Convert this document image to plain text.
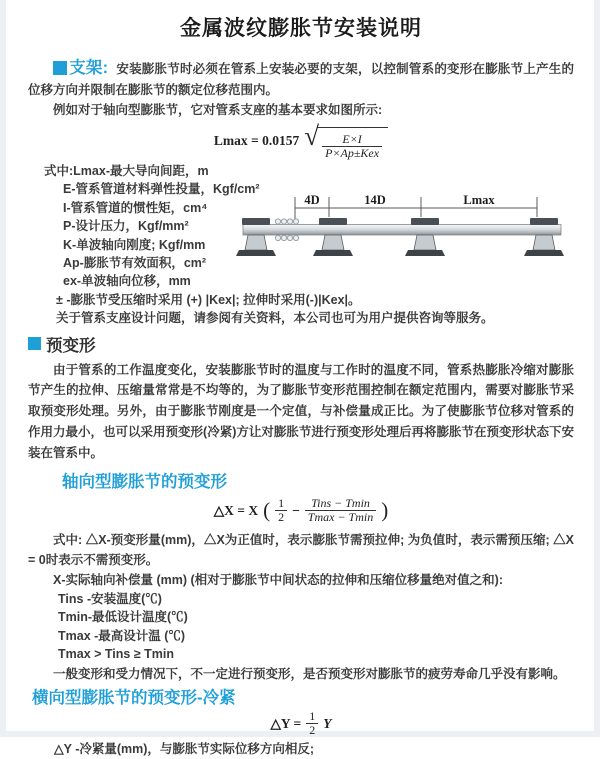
金属波纹膨胀节安装说明

支架: 安装膨胀节时必须在管系上安装必要的支架，以控制管系的变形在膨胀节上产生的位移方向并限制在膨胀节的额定位移范围内。

例如对于轴向型膨胀节，它对管系支座的基本要求如图所示:

Lmax = 0.0157 √ $\frac{E\times I}{\text{P×Ap±Kex}}$
式中:Lmax-最大导向间距，m
E-管系管道材料弹性投量，Kgf/cm²
I-管系管道的惯性矩，cm⁴
P-设计压力，Kgf/mm²
K-单波轴向刚度; Kgf/mm
Ap-膨胀节有效面积，cm²
ex-单波轴向位移，mm
± -膨胀节受压缩时采用 (+) |Kex|; 拉伸时采用(-)|Kex|。
关于管系支座设计问题，请参阅有关资料，本公司也可为用户提供咨询等服务。
4D	14D	Lmax
预变形

由于管系的工作温度变化，安装膨胀节时的温度与工作时的温度不同，管系热膨胀冷缩对膨胀节产生的拉伸、压缩量常常是不均等的，为了膨胀节变形范围控制在额定范围内，需要对膨胀节采取预变形处理。另外，由于膨胀节刚度是一个定值，与补偿量成正比。为了使膨胀节位移对管系的作用力最小，也可以采用预变形(冷紧)方让对膨胀节进行预变形处理后再将膨胀节在预变形状态下安装在管系中。

轴向型膨胀节的预变形
△X = X ( $\frac{1}{2} - \frac{\text{Tins − Tmin}}{Tmax - Tmin}$ )

式中: △X-预变形量(mm)，△X为正值时，表示膨胀节需预拉伸; 为负值时，表示需预压缩; △X = 0时表示不需预变形。

X-实际轴向补偿量 (mm) (相对于膨胀节中间状态的拉伸和压缩位移量绝对值之和):

Tins -安装温度(℃)
Tmin-最低设计温度(℃)
Tmax -最高设计温 (℃)
Tmax > Tins ≥ Tmin

一般变形和受力情况下，不一定进行预变形，是否预变形对膨胀节的疲劳寿命几乎没有影响。

横向型膨胀节的预变形-冷紧
△Y = $\frac{1}{2}$ Y
△Y -冷紧量(mm)，与膨胀节实际位移方向相反;
